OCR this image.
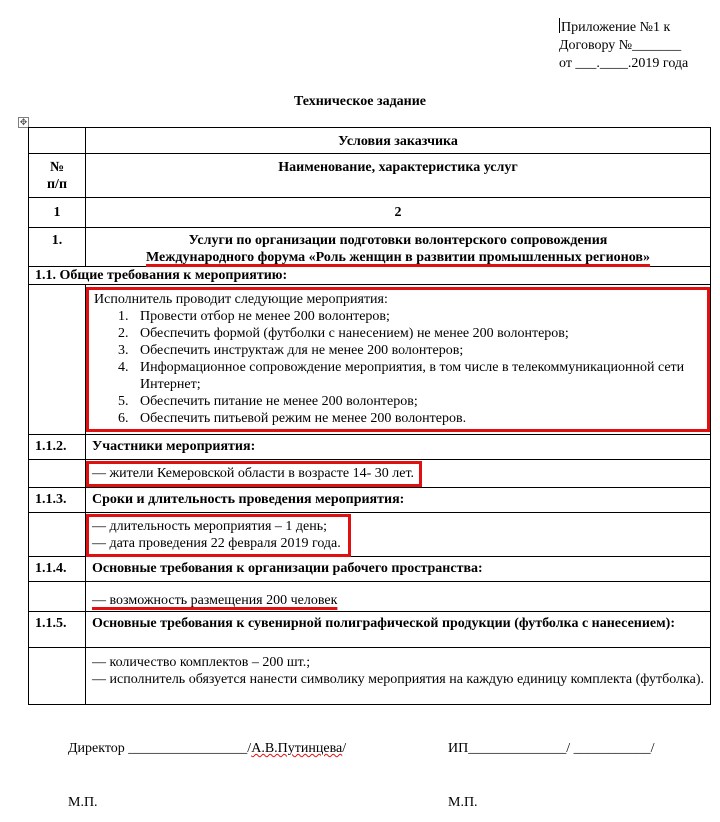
Приложение №1 к
Договору №_______
от ___.____.2019 года
Техническое задание
✥
	Условия заказчика
№
п/п	Наименование, характеристика услуг
1	2
1.	Услуги по организации подготовки волонтерского сопровождения
Международного форума «Роль женщин в развитии промышленных регионов»

1.1. Общие требования к мероприятию:

Исполнитель проводит следующие мероприятия:
1. Провести отбор не менее 200 волонтеров;
2. Обеспечить формой (футболки с нанесением) не менее 200 волонтеров;
3. Обеспечить инструктаж для не менее 200 волонтеров;
4. Информационное сопровождение мероприятия, в том числе в телекоммуникационной сети Интернет;
5. Обеспечить питание не менее 200 волонтеров;
6. Обеспечить питьевой режим не менее 200 волонтеров.

1.1.2.	Участники мероприятия:
	— жители Кемеровской области в возрасте 14- 30 лет.
1.1.3.	Сроки и длительность проведения мероприятия:

— длительность мероприятия – 1 день;
— дата проведения 22 февраля 2019 года.

1.1.4.	Основные требования к организации рабочего пространства:
	— возможность размещения 200 человек
1.1.5.	Основные требования к сувенирной полиграфической продукции (футболка с нанесением):

— количество комплектов – 200 шт.;
— исполнитель обязуется нанести символику мероприятия на каждую единицу комплекта (футболка).
Директор _________________/А.В.Путинцева/	ИП______________/ ___________/
М.П.	М.П.
